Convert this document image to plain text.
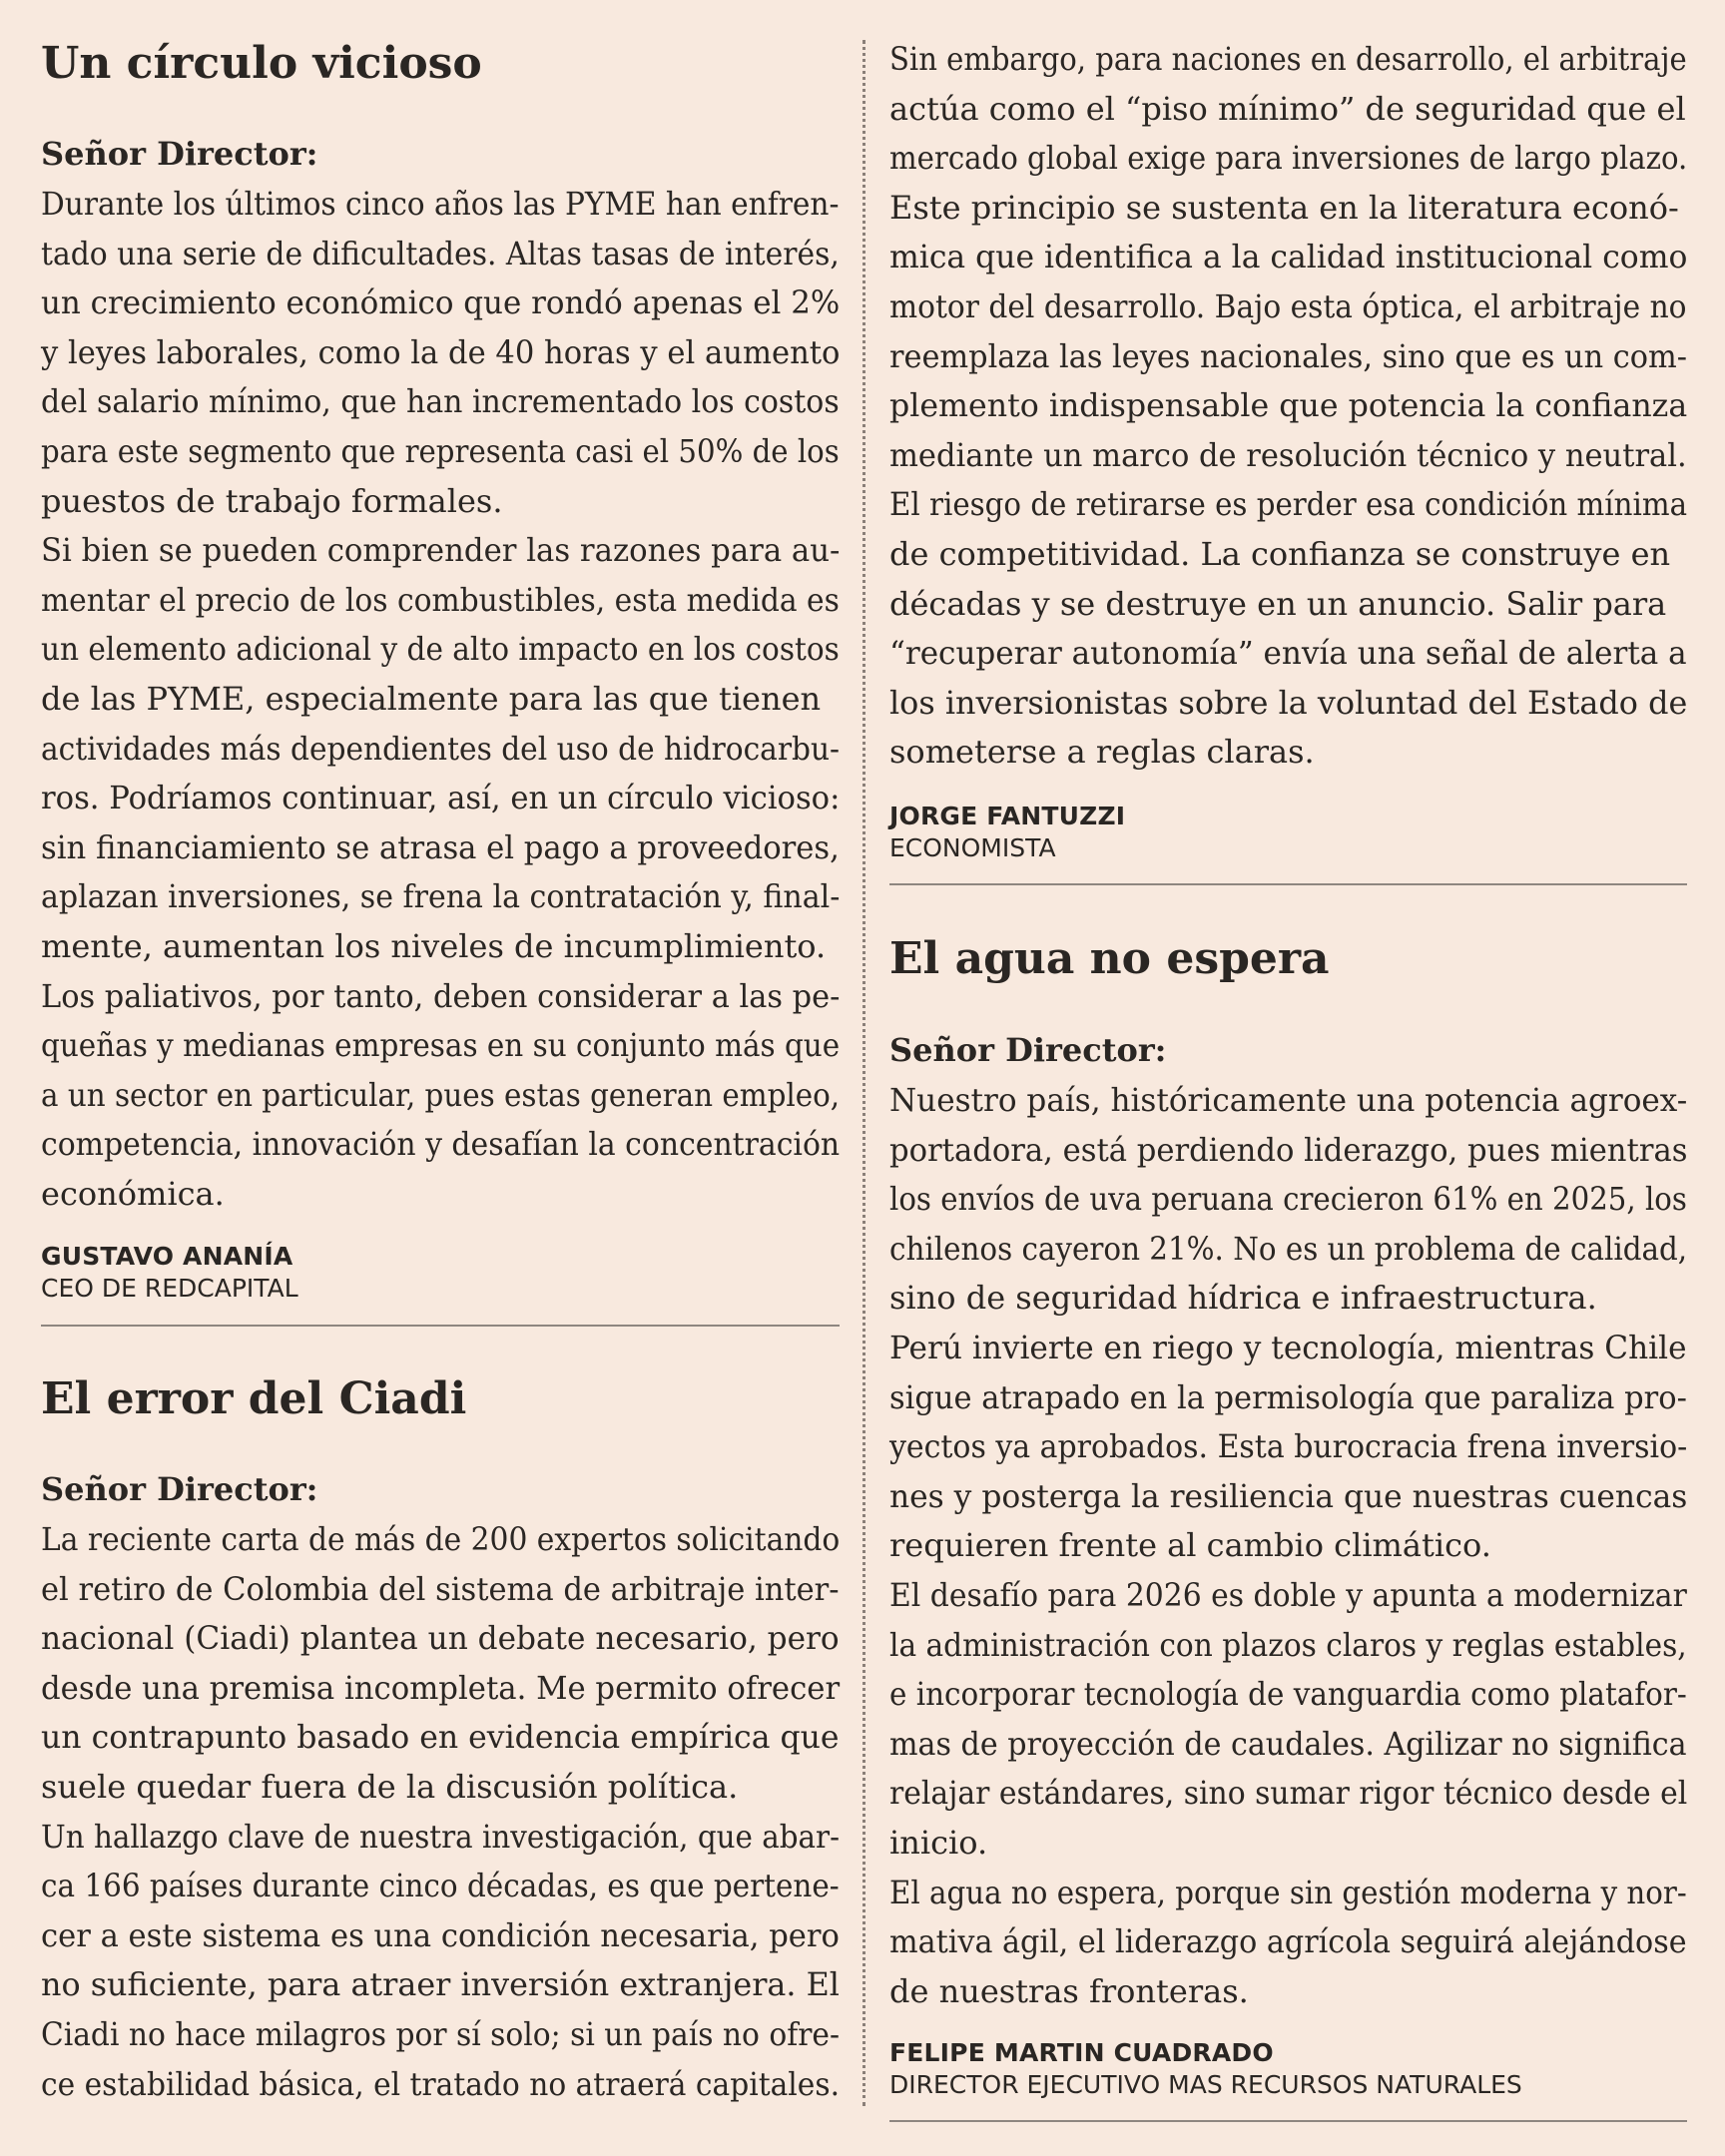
Un círculo vicioso
Señor Director:
Durante los últimos cinco años las PYME han enfren-
tado una serie de dificultades. Altas tasas de interés,
un crecimiento económico que rondó apenas el 2%
y leyes laborales, como la de 40 horas y el aumento
del salario mínimo, que han incrementado los costos
para este segmento que representa casi el 50% de los
puestos de trabajo formales.
Si bien se pueden comprender las razones para au-
mentar el precio de los combustibles, esta medida es
un elemento adicional y de alto impacto en los costos
de las PYME, especialmente para las que tienen
actividades más dependientes del uso de hidrocarbu-
ros. Podríamos continuar, así, en un círculo vicioso:
sin financiamiento se atrasa el pago a proveedores,
aplazan inversiones, se frena la contratación y, final-
mente, aumentan los niveles de incumplimiento.
Los paliativos, por tanto, deben considerar a las pe-
queñas y medianas empresas en su conjunto más que
a un sector en particular, pues estas generan empleo,
competencia, innovación y desafían la concentración
económica.
GUSTAVO ANANÍA
CEO DE REDCAPITAL
El error del Ciadi
Señor Director:
La reciente carta de más de 200 expertos solicitando
el retiro de Colombia del sistema de arbitraje inter-
nacional (Ciadi) plantea un debate necesario, pero
desde una premisa incompleta. Me permito ofrecer
un contrapunto basado en evidencia empírica que
suele quedar fuera de la discusión política.
Un hallazgo clave de nuestra investigación, que abar-
ca 166 países durante cinco décadas, es que pertene-
cer a este sistema es una condición necesaria, pero
no suficiente, para atraer inversión extranjera. El
Ciadi no hace milagros por sí solo; si un país no ofre-
ce estabilidad básica, el tratado no atraerá capitales.
Sin embargo, para naciones en desarrollo, el arbitraje
actúa como el “piso mínimo” de seguridad que el
mercado global exige para inversiones de largo plazo.
Este principio se sustenta en la literatura econó-
mica que identifica a la calidad institucional como
motor del desarrollo. Bajo esta óptica, el arbitraje no
reemplaza las leyes nacionales, sino que es un com-
plemento indispensable que potencia la confianza
mediante un marco de resolución técnico y neutral.
El riesgo de retirarse es perder esa condición mínima
de competitividad. La confianza se construye en
décadas y se destruye en un anuncio. Salir para
“recuperar autonomía” envía una señal de alerta a
los inversionistas sobre la voluntad del Estado de
someterse a reglas claras.
JORGE FANTUZZI
ECONOMISTA
El agua no espera
Señor Director:
Nuestro país, históricamente una potencia agroex-
portadora, está perdiendo liderazgo, pues mientras
los envíos de uva peruana crecieron 61% en 2025, los
chilenos cayeron 21%. No es un problema de calidad,
sino de seguridad hídrica e infraestructura.
Perú invierte en riego y tecnología, mientras Chile
sigue atrapado en la permisología que paraliza pro-
yectos ya aprobados. Esta burocracia frena inversio-
nes y posterga la resiliencia que nuestras cuencas
requieren frente al cambio climático.
El desafío para 2026 es doble y apunta a modernizar
la administración con plazos claros y reglas estables,
e incorporar tecnología de vanguardia como platafor-
mas de proyección de caudales. Agilizar no significa
relajar estándares, sino sumar rigor técnico desde el
inicio.
El agua no espera, porque sin gestión moderna y nor-
mativa ágil, el liderazgo agrícola seguirá alejándose
de nuestras fronteras.
FELIPE MARTIN CUADRADO
DIRECTOR EJECUTIVO MAS RECURSOS NATURALES
